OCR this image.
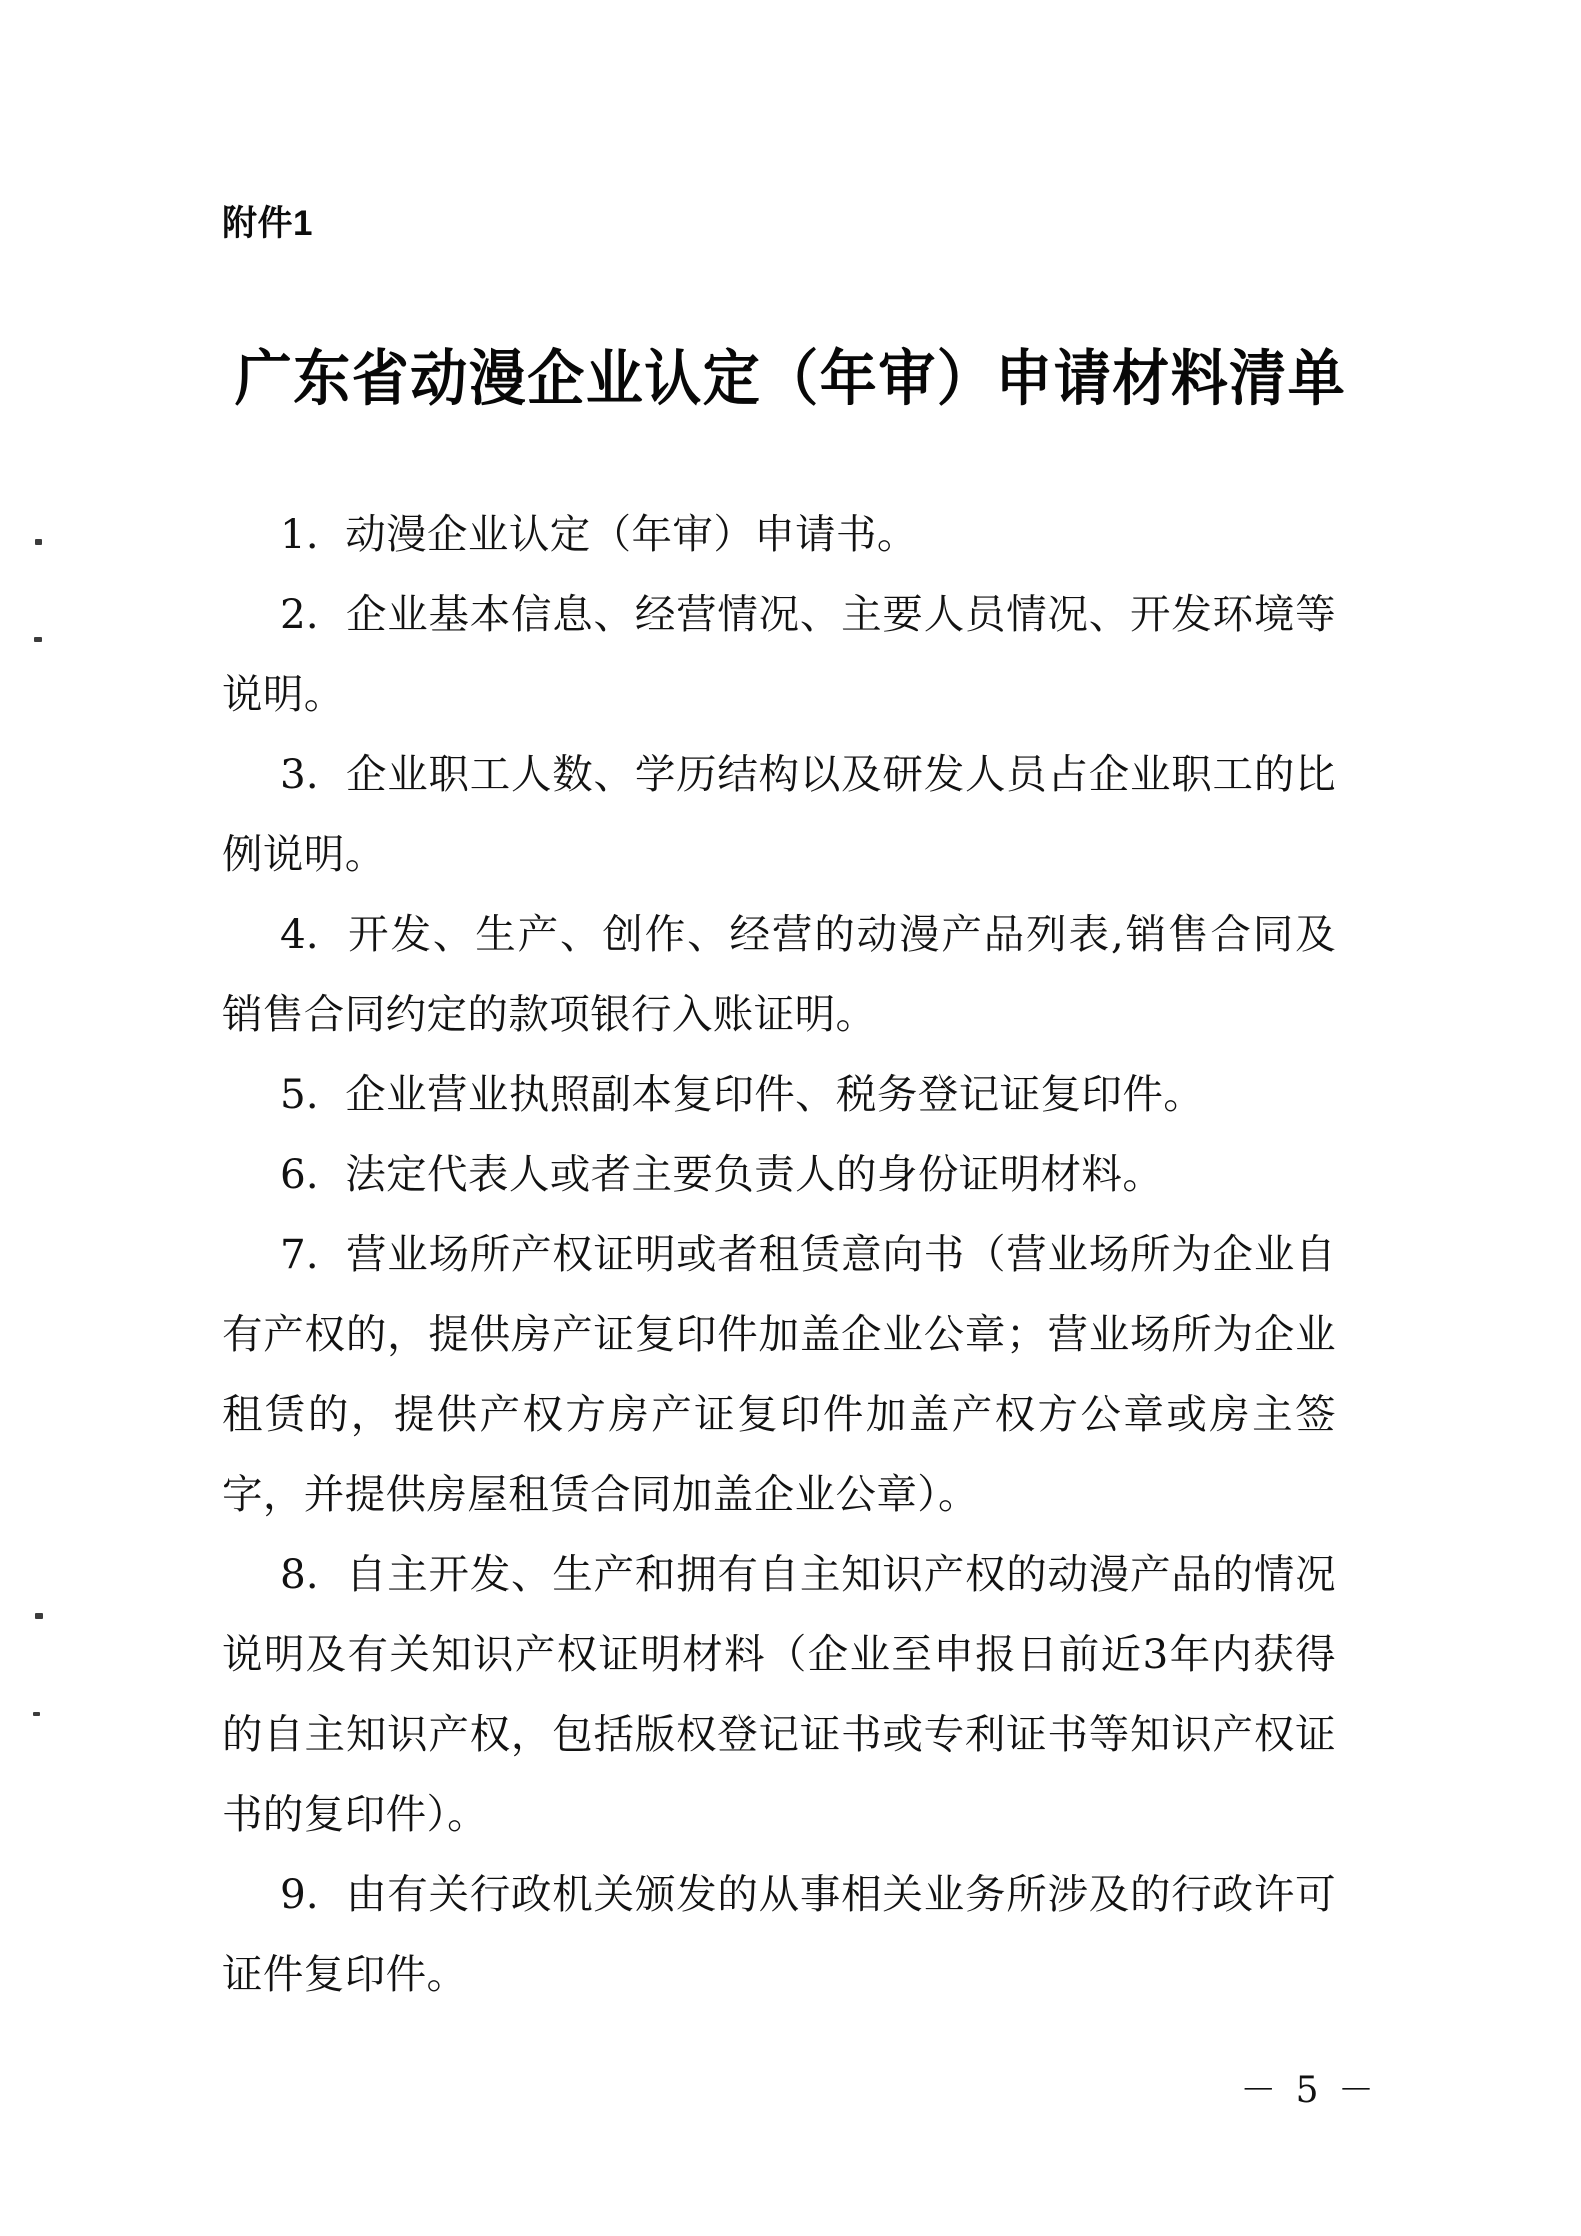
附件1
广东省动漫企业认定（年审）申请材料清单

1. 动漫企业认定（年审）申请书。

2. 企业基本信息、经营情况、主要人员情况、开发环境等说明。

3. 企业职工人数、学历结构以及研发人员占企业职工的比例说明。

4. 开发、生产、创作、经营的动漫产品列表,销售合同及销售合同约定的款项银行入账证明。

5. 企业营业执照副本复印件、税务登记证复印件。

6. 法定代表人或者主要负责人的身份证明材料。

7. 营业场所产权证明或者租赁意向书（营业场所为企业自有产权的，提供房产证复印件加盖企业公章；营业场所为企业租赁的，提供产权方房产证复印件加盖产权方公章或房主签字，并提供房屋租赁合同加盖企业公章）。

8. 自主开发、生产和拥有自主知识产权的动漫产品的情况说明及有关知识产权证明材料（企业至申报日前近3年内获得的自主知识产权，包括版权登记证书或专利证书等知识产权证书的复印件）。

9. 由有关行政机关颁发的从事相关业务所涉及的行政许可证件复印件。

－ 5 －
